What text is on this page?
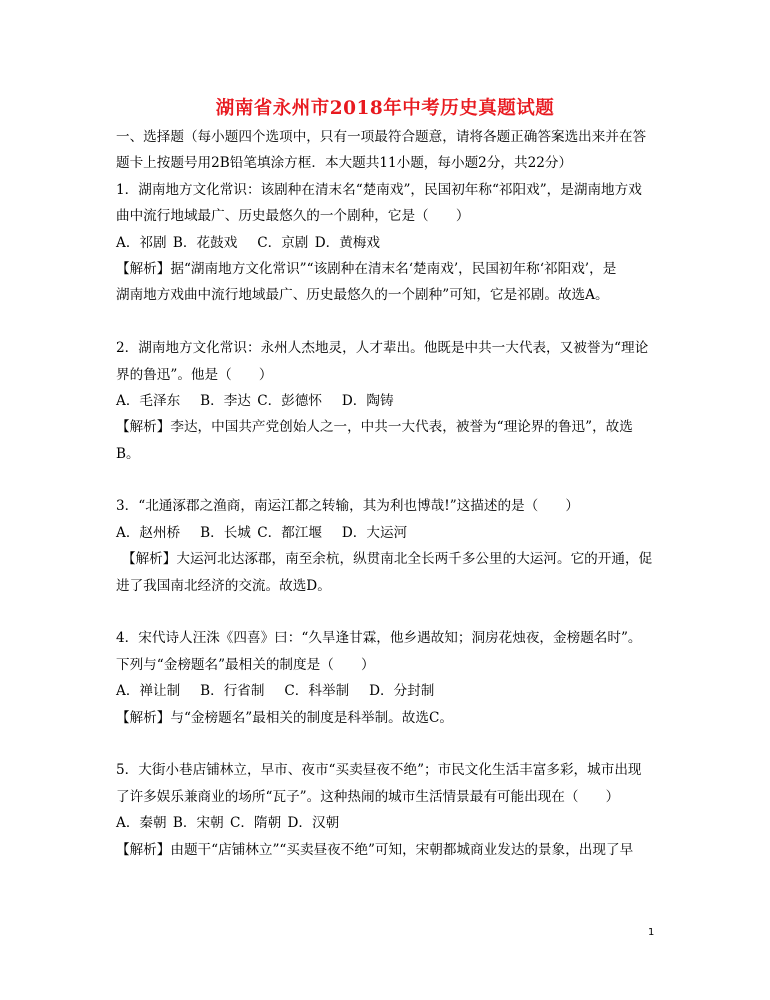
湖南省永州市2018年中考历史真题试题
一、选择题（每小题四个选项中，只有一项最符合题意，请将各题正确答案选出来并在答
题卡上按题号用2B铅笔填涂方框．本大题共11小题，每小题2分，共22分）
1．湖南地方文化常识：该剧种在清末名“楚南戏”，民国初年称“祁阳戏”，是湖南地方戏
曲中流行地域最广、历史最悠久的一个剧种，它是（　　）
A．祁剧 B．花鼓戏　 C．京剧 D．黄梅戏
【解析】据“湖南地方文化常识”“该剧种在清末名‘楚南戏’，民国初年称‘祁阳戏’，是
湖南地方戏曲中流行地域最广、历史最悠久的一个剧种”可知，它是祁剧。故选A。
2．湖南地方文化常识：永州人杰地灵，人才辈出。他既是中共一大代表，又被誉为“理论
界的鲁迅”。他是（　　）
A．毛泽东　 B．李达 C．彭德怀　 D．陶铸
【解析】李达，中国共产党创始人之一，中共一大代表，被誉为“理论界的鲁迅”，故选
B。
3．“北通涿郡之渔商，南运江都之转输，其为利也博哉!”这描述的是（　　）
A．赵州桥　 B．长城 C．都江堰　 D．大运河
【解析】大运河北达涿郡，南至余杭，纵贯南北全长两千多公里的大运河。它的开通，促
进了我国南北经济的交流。故选D。
4．宋代诗人汪洙《四喜》曰：“久旱逢甘霖，他乡遇故知；洞房花烛夜，金榜题名时”。
下列与“金榜题名”最相关的制度是（　　）
A．禅让制　 B．行省制　 C．科举制　 D．分封制
【解析】与“金榜题名”最相关的制度是科举制。故选C。
5．大街小巷店铺林立，早市、夜市“买卖昼夜不绝”；市民文化生活丰富多彩，城市出现
了许多娱乐兼商业的场所“瓦子”。这种热闹的城市生活情景最有可能出现在（　　）
A．秦朝 B．宋朝 C．隋朝 D．汉朝
【解析】由题干“店铺林立”“买卖昼夜不绝”可知，宋朝都城商业发达的景象，出现了早
1
